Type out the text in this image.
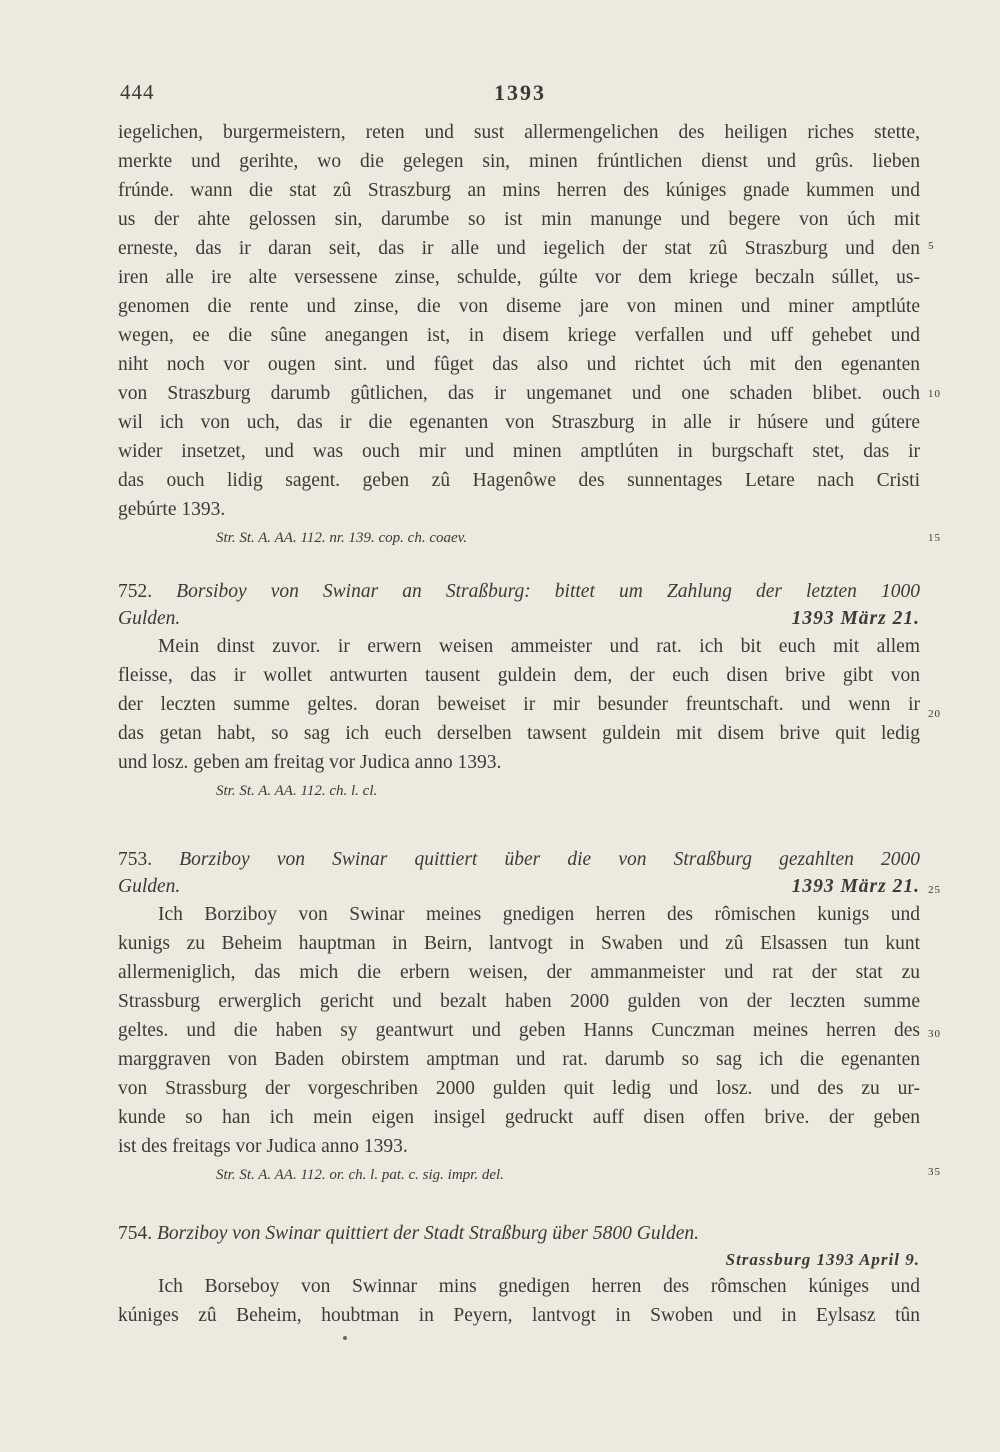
444	1393
iegelichen, burgermeistern, reten und sust allermengelichen des heiligen riches stette,
merkte und gerihte, wo die gelegen sin, minen frúntlichen dienst und grûs. lieben
frúnde. wann die stat zû Straszburg an mins herren des kúniges gnade kummen und
us der ahte gelossen sin, darumbe so ist min manunge und begere von úch mit
erneste, das ir daran seit, das ir alle und iegelich der stat zû Straszburg und den
iren alle ire alte versessene zinse, schulde, gúlte vor dem kriege beczaln súllet, us-
genomen die rente und zinse, die von diseme jare von minen und miner amptlúte
wegen, ee die sûne anegangen ist, in disem kriege verfallen und uff gehebet und
niht noch vor ougen sint. und fûget das also und richtet úch mit den egenanten
von Straszburg darumb gûtlichen, das ir ungemanet und one schaden blibet. ouch
wil ich von uch, das ir die egenanten von Straszburg in alle ir húsere und gútere
wider insetzet, und was ouch mir und minen amptlúten in burgschaft stet, das ir
das ouch lidig sagent. geben zû Hagenôwe des sunnentages Letare nach Cristi
gebúrte 1393.
Str. St. A. AA. 112. nr. 139. cop. ch. coaev.
752. Borsiboy von Swinar an Straßburg: bittet um Zahlung der letzten 1000
Gulden.	1393 März 21.
Mein dinst zuvor. ir erwern weisen ammeister und rat. ich bit euch mit allem
fleisse, das ir wollet antwurten tausent guldein dem, der euch disen brive gibt von
der leczten summe geltes. doran beweiset ir mir besunder freuntschaft. und wenn ir
das getan habt, so sag ich euch derselben tawsent guldein mit disem brive quit ledig
und losz. geben am freitag vor Judica anno 1393.
Str. St. A. AA. 112. ch. l. cl.
753. Borziboy von Swinar quittiert über die von Straßburg gezahlten 2000
Gulden.	1393 März 21.
Ich Borziboy von Swinar meines gnedigen herren des rômischen kunigs und
kunigs zu Beheim hauptman in Beirn, lantvogt in Swaben und zû Elsassen tun kunt
allermeniglich, das mich die erbern weisen, der ammanmeister und rat der stat zu
Strassburg erwerglich gericht und bezalt haben 2000 gulden von der leczten summe
geltes. und die haben sy geantwurt und geben Hanns Cunczman meines herren des
marggraven von Baden obirstem amptman und rat. darumb so sag ich die egenanten
von Strassburg der vorgeschriben 2000 gulden quit ledig und losz. und des zu ur-
kunde so han ich mein eigen insigel gedruckt auff disen offen brive. der geben
ist des freitags vor Judica anno 1393.
Str. St. A. AA. 112. or. ch. l. pat. c. sig. impr. del.
754. Borziboy von Swinar quittiert der Stadt Straßburg über 5800 Gulden.
Strassburg 1393 April 9.
Ich Borseboy von Swinnar mins gnedigen herren des rômschen kúniges und
kúniges zû Beheim, houbtman in Peyern, lantvogt in Swoben und in Eylsasz tûn
5
10
15
20
25
30
35
